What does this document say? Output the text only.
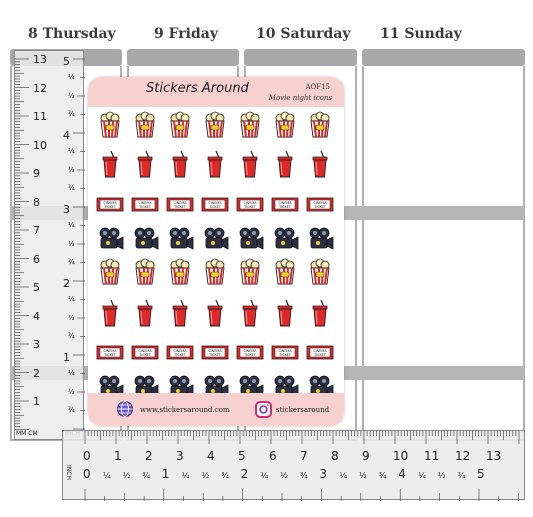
8 Thursday	9 Friday	10 Saturday 11 Sunday
MM CM
13
12
11
10
9
8
7
6
5
4
3
2
1
5
4
3
2
1
¼
½
¾
¼
½
¾
¼
½
¾
¼
½
¾
¼
½
¾
INCH
0 1 2 3 4 5 6 7 8 9 10 11 12 13
0	1	2	3	4	5
¼ ½ ¾	¼ ½ ¾	¼ ½ ¾	¼ ½ ¾	¼ ½ ¾
Stickers Around	AOF15
Movie night icons
CINEMA
TICKET
CINEMA
TICKET
CINEMA
TICKET
CINEMA
TICKET
CINEMA
TICKET
CINEMA
TICKET
CINEMA
TICKET
CINEMA
TICKET
CINEMA
TICKET
CINEMA
TICKET
CINEMA
TICKET
CINEMA
TICKET
CINEMA
TICKET
CINEMA
TICKET
www.stickersaround.com	stickersaround
